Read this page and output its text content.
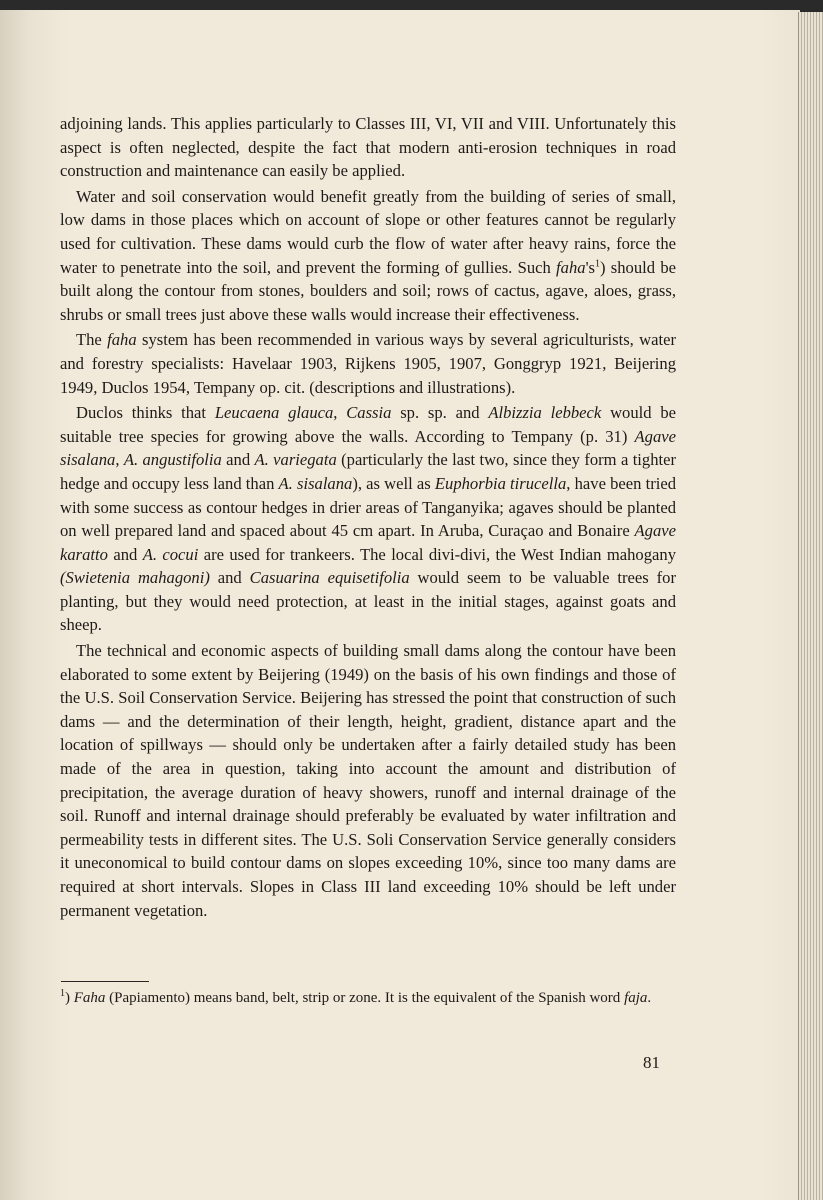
adjoining lands. This applies particularly to Classes III, VI, VII and VIII. Unfortunately this aspect is often neglected, despite the fact that modern anti-erosion techniques in road construction and maintenance can easily be applied.

Water and soil conservation would benefit greatly from the building of series of small, low dams in those places which on account of slope or other features cannot be regularly used for cultivation. These dams would curb the flow of water after heavy rains, force the water to penetrate into the soil, and prevent the forming of gullies. Such $faha's^1$) should be built along the contour from stones, boulders and soil; rows of cactus, agave, aloes, grass, shrubs or small trees just above these walls would increase their effectiveness.

The faha system has been recommended in various ways by several agriculturists, water and forestry specialists: Havelaar 1903, Rijkens 1905, 1907, Gonggryp 1921, Beijering 1949, Duclos 1954, Tempany op. cit. (descriptions and illustrations).

Duclos thinks that Leucaena glauca, Cassia sp. sp. and Albizzia lebbeck would be suitable tree species for growing above the walls. According to Tempany (p. 31) Agave sisalana, A. angustifolia and A. variegata (particularly the last two, since they form a tighter hedge and occupy less land than A. sisalana), as well as Euphorbia tirucella, have been tried with some success as contour hedges in drier areas of Tanganyika; agaves should be planted on well prepared land and spaced about 45 cm apart. In Aruba, Curaçao and Bonaire Agave karatto and A. cocui are used for trankeers. The local divi-divi, the West Indian mahogany (Swietenia mahagoni) and Casuarina equisetifolia would seem to be valuable trees for planting, but they would need protection, at least in the initial stages, against goats and sheep.

The technical and economic aspects of building small dams along the contour have been elaborated to some extent by Beijering (1949) on the basis of his own findings and those of the U.S. Soil Conservation Service. Beijering has stressed the point that construction of such dams — and the determination of their length, height, gradient, distance apart and the location of spillways — should only be undertaken after a fairly detailed study has been made of the area in question, taking into account the amount and distribution of precipitation, the average duration of heavy showers, runoff and internal drainage of the soil. Runoff and internal drainage should preferably be evaluated by water infiltration and permeability tests in different sites. The U.S. Soli Conservation Service generally considers it uneconomical to build contour dams on slopes exceeding 10%, since too many dams are required at short intervals. Slopes in Class III land exceeding 10% should be left under permanent vegetation.

$^1$) Faha (Papiamento) means band, belt, strip or zone. It is the equivalent of the Spanish word faja.
81
